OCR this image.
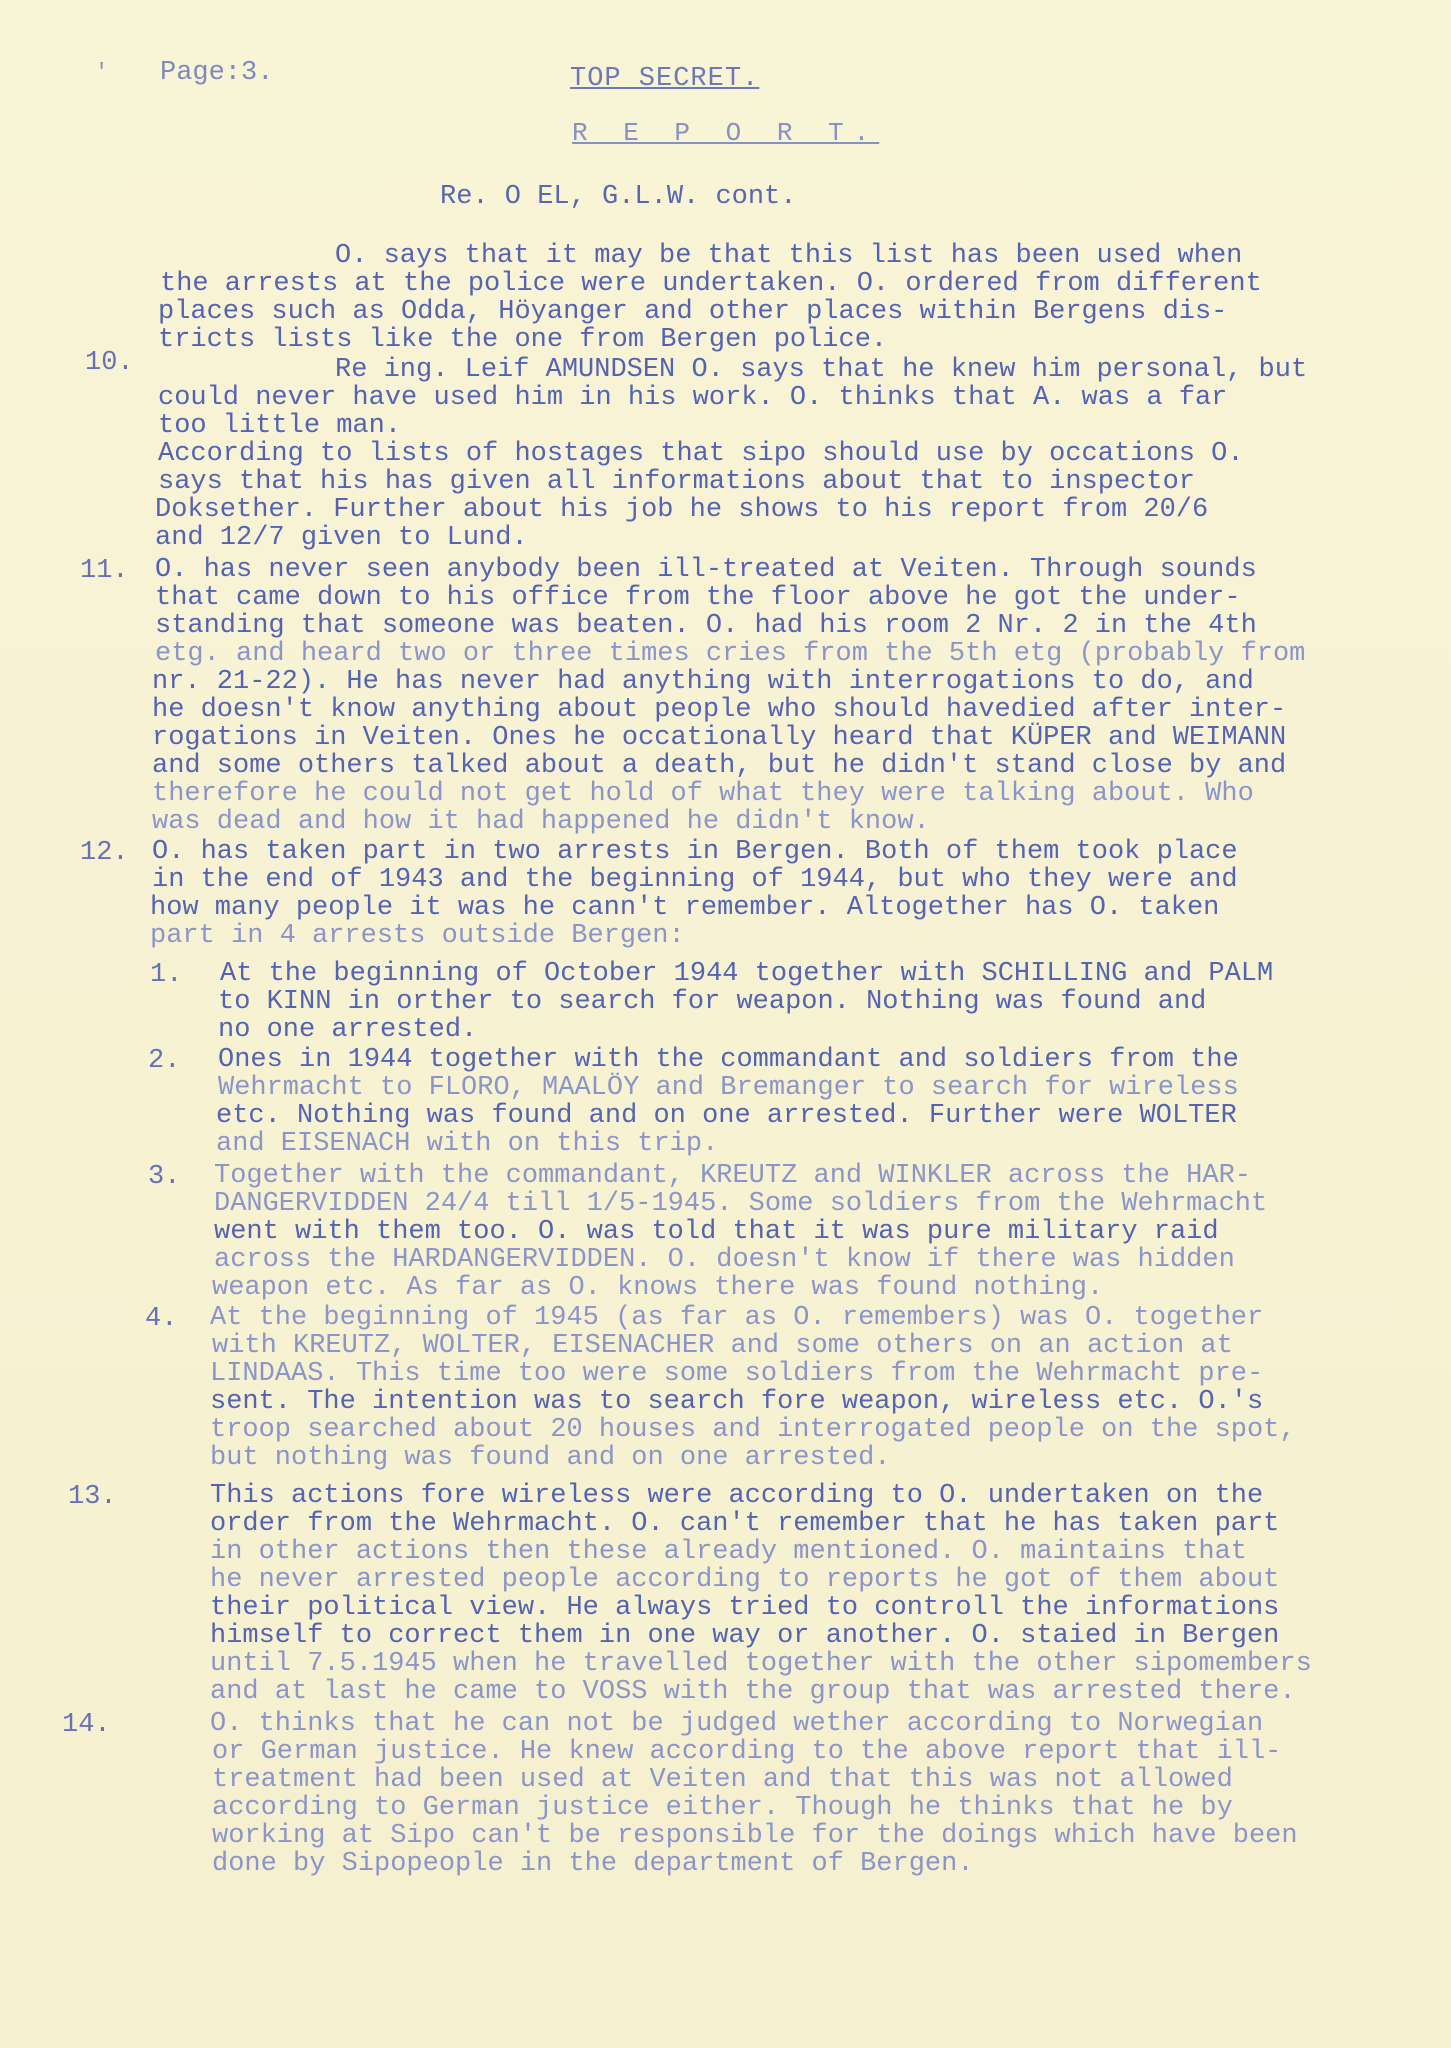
' Page:3.	TOP SECRET.
R E P O R T.
Re. O EL, G.L.W. cont.
10.
11.
12.
13.
14.
1.
2.
3.
4.
O. says that it may be that this list has been used when
the arrests at the police were undertaken. O. ordered from different
places such as Odda, Höyanger and other places within Bergens dis-
tricts lists like the one from Bergen police.
Re ing. Leif AMUNDSEN O. says that he knew him personal, but
could never have used him in his work. O. thinks that A. was a far
too little man.
According to lists of hostages that sipo should use by occations O.
says that his has given all informations about that to inspector
Doksether. Further about his job he shows to his report from 20/6
and 12/7 given to Lund.
O. has never seen anybody been ill-treated at Veiten. Through sounds
that came down to his office from the floor above he got the under-
standing that someone was beaten. O. had his room 2 Nr. 2 in the 4th
etg. and heard two or three times cries from the 5th etg (probably from
nr. 21-22). He has never had anything with interrogations to do, and
he doesn't know anything about people who should havedied after inter-
rogations in Veiten. Ones he occationally heard that KÜPER and WEIMANN
and some others talked about a death, but he didn't stand close by and
therefore he could not get hold of what they were talking about. Who
was dead and how it had happened he didn't know.
O. has taken part in two arrests in Bergen. Both of them took place
in the end of 1943 and the beginning of 1944, but who they were and
how many people it was he cann't remember. Altogether has O. taken
part in 4 arrests outside Bergen:
At the beginning of October 1944 together with SCHILLING and PALM
to KINN in orther to search for weapon. Nothing was found and
no one arrested.
Ones in 1944 together with the commandant and soldiers from the
Wehrmacht to FLORO, MAALÖY and Bremanger to search for wireless
etc. Nothing was found and on one arrested. Further were WOLTER
and EISENACH with on this trip.
Together with the commandant, KREUTZ and WINKLER across the HAR-
DANGERVIDDEN 24/4 till 1/5-1945. Some soldiers from the Wehrmacht
went with them too. O. was told that it was pure military raid
across the HARDANGERVIDDEN. O. doesn't know if there was hidden
weapon etc. As far as O. knows there was found nothing.
At the beginning of 1945 (as far as O. remembers) was O. together
with KREUTZ, WOLTER, EISENACHER and some others on an action at
LINDAAS. This time too were some soldiers from the Wehrmacht pre-
sent. The intention was to search fore weapon, wireless etc. O.'s
troop searched about 20 houses and interrogated people on the spot,
but nothing was found and on one arrested.
This actions fore wireless were according to O. undertaken on the
order from the Wehrmacht. O. can't remember that he has taken part
in other actions then these already mentioned. O. maintains that
he never arrested people according to reports he got of them about
their political view. He always tried to controll the informations
himself to correct them in one way or another. O. staied in Bergen
until 7.5.1945 when he travelled together with the other sipomembers
and at last he came to VOSS with the group that was arrested there.
O. thinks that he can not be judged wether according to Norwegian
or German justice. He knew according to the above report that ill-
treatment had been used at Veiten and that this was not allowed
according to German justice either. Though he thinks that he by
working at Sipo can't be responsible for the doings which have been
done by Sipopeople in the department of Bergen.
